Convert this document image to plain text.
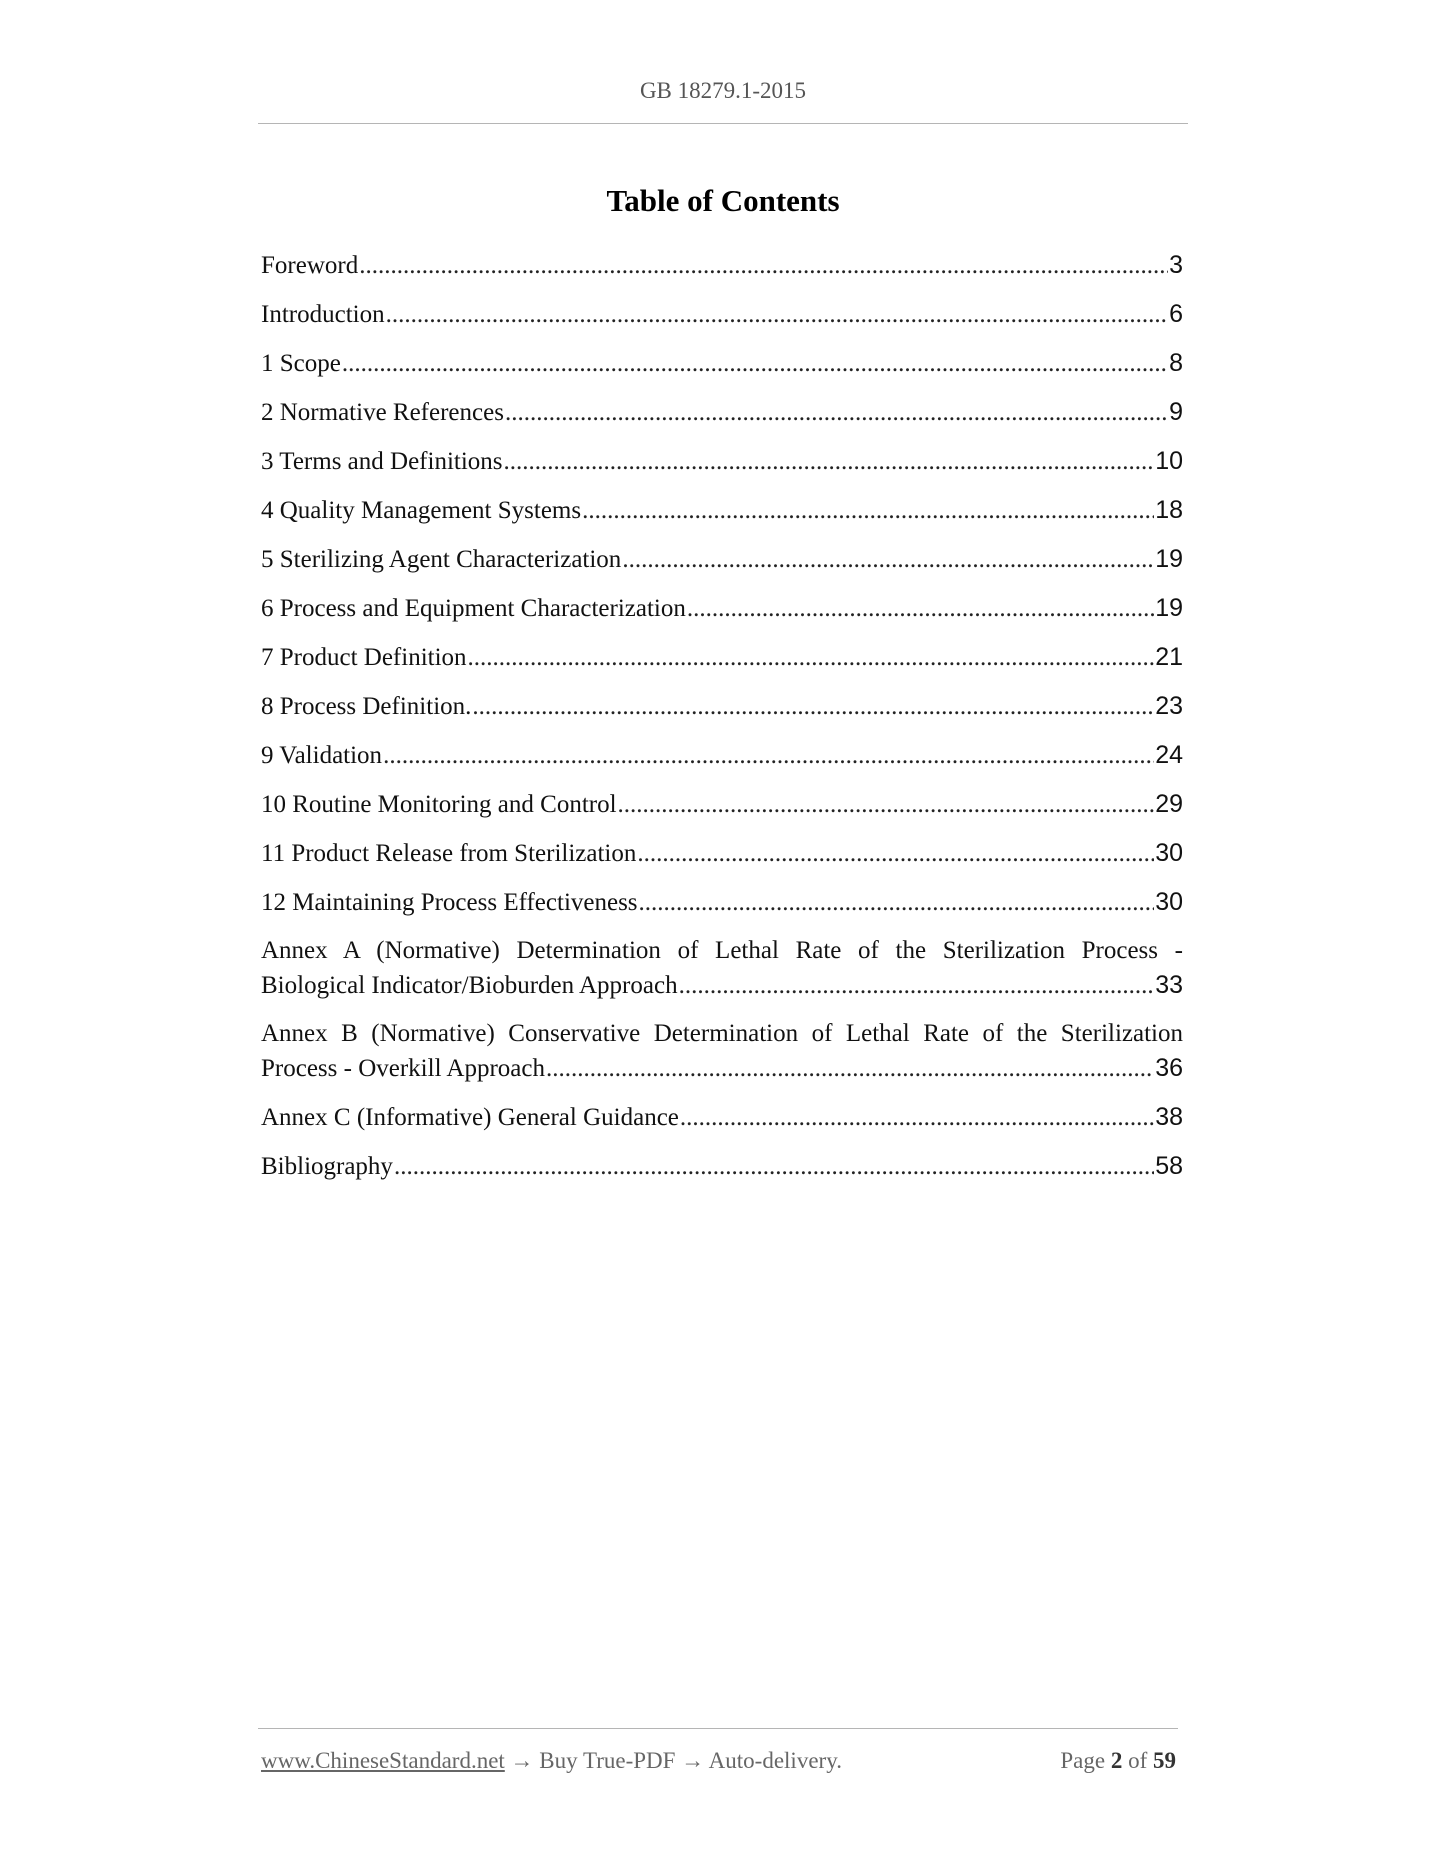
GB 18279.1-2015
Table of Contents
Foreword .....	3
Introduction .....	6
1 Scope .....	8
2 Normative References .....	9
3 Terms and Definitions .....	10
4 Quality Management Systems .....	18
5 Sterilizing Agent Characterization .....	19
6 Process and Equipment Characterization .....	19
7 Product Definition .....	21
8 Process Definition. .....	23
9 Validation .....	24
10 Routine Monitoring and Control .....	29
11 Product Release from Sterilization .....	30
12 Maintaining Process Effectiveness .....	30
Annex A (Normative) Determination of Lethal Rate of the Sterilization Process -
Biological Indicator/Bioburden Approach .....	33
Annex B (Normative) Conservative Determination of Lethal Rate of the Sterilization
Process - Overkill Approach .....	36
Annex C (Informative) General Guidance .....	38
Bibliography .....	58
www.ChineseStandard.net → Buy True-PDF → Auto-delivery.	Page 2 of 59
